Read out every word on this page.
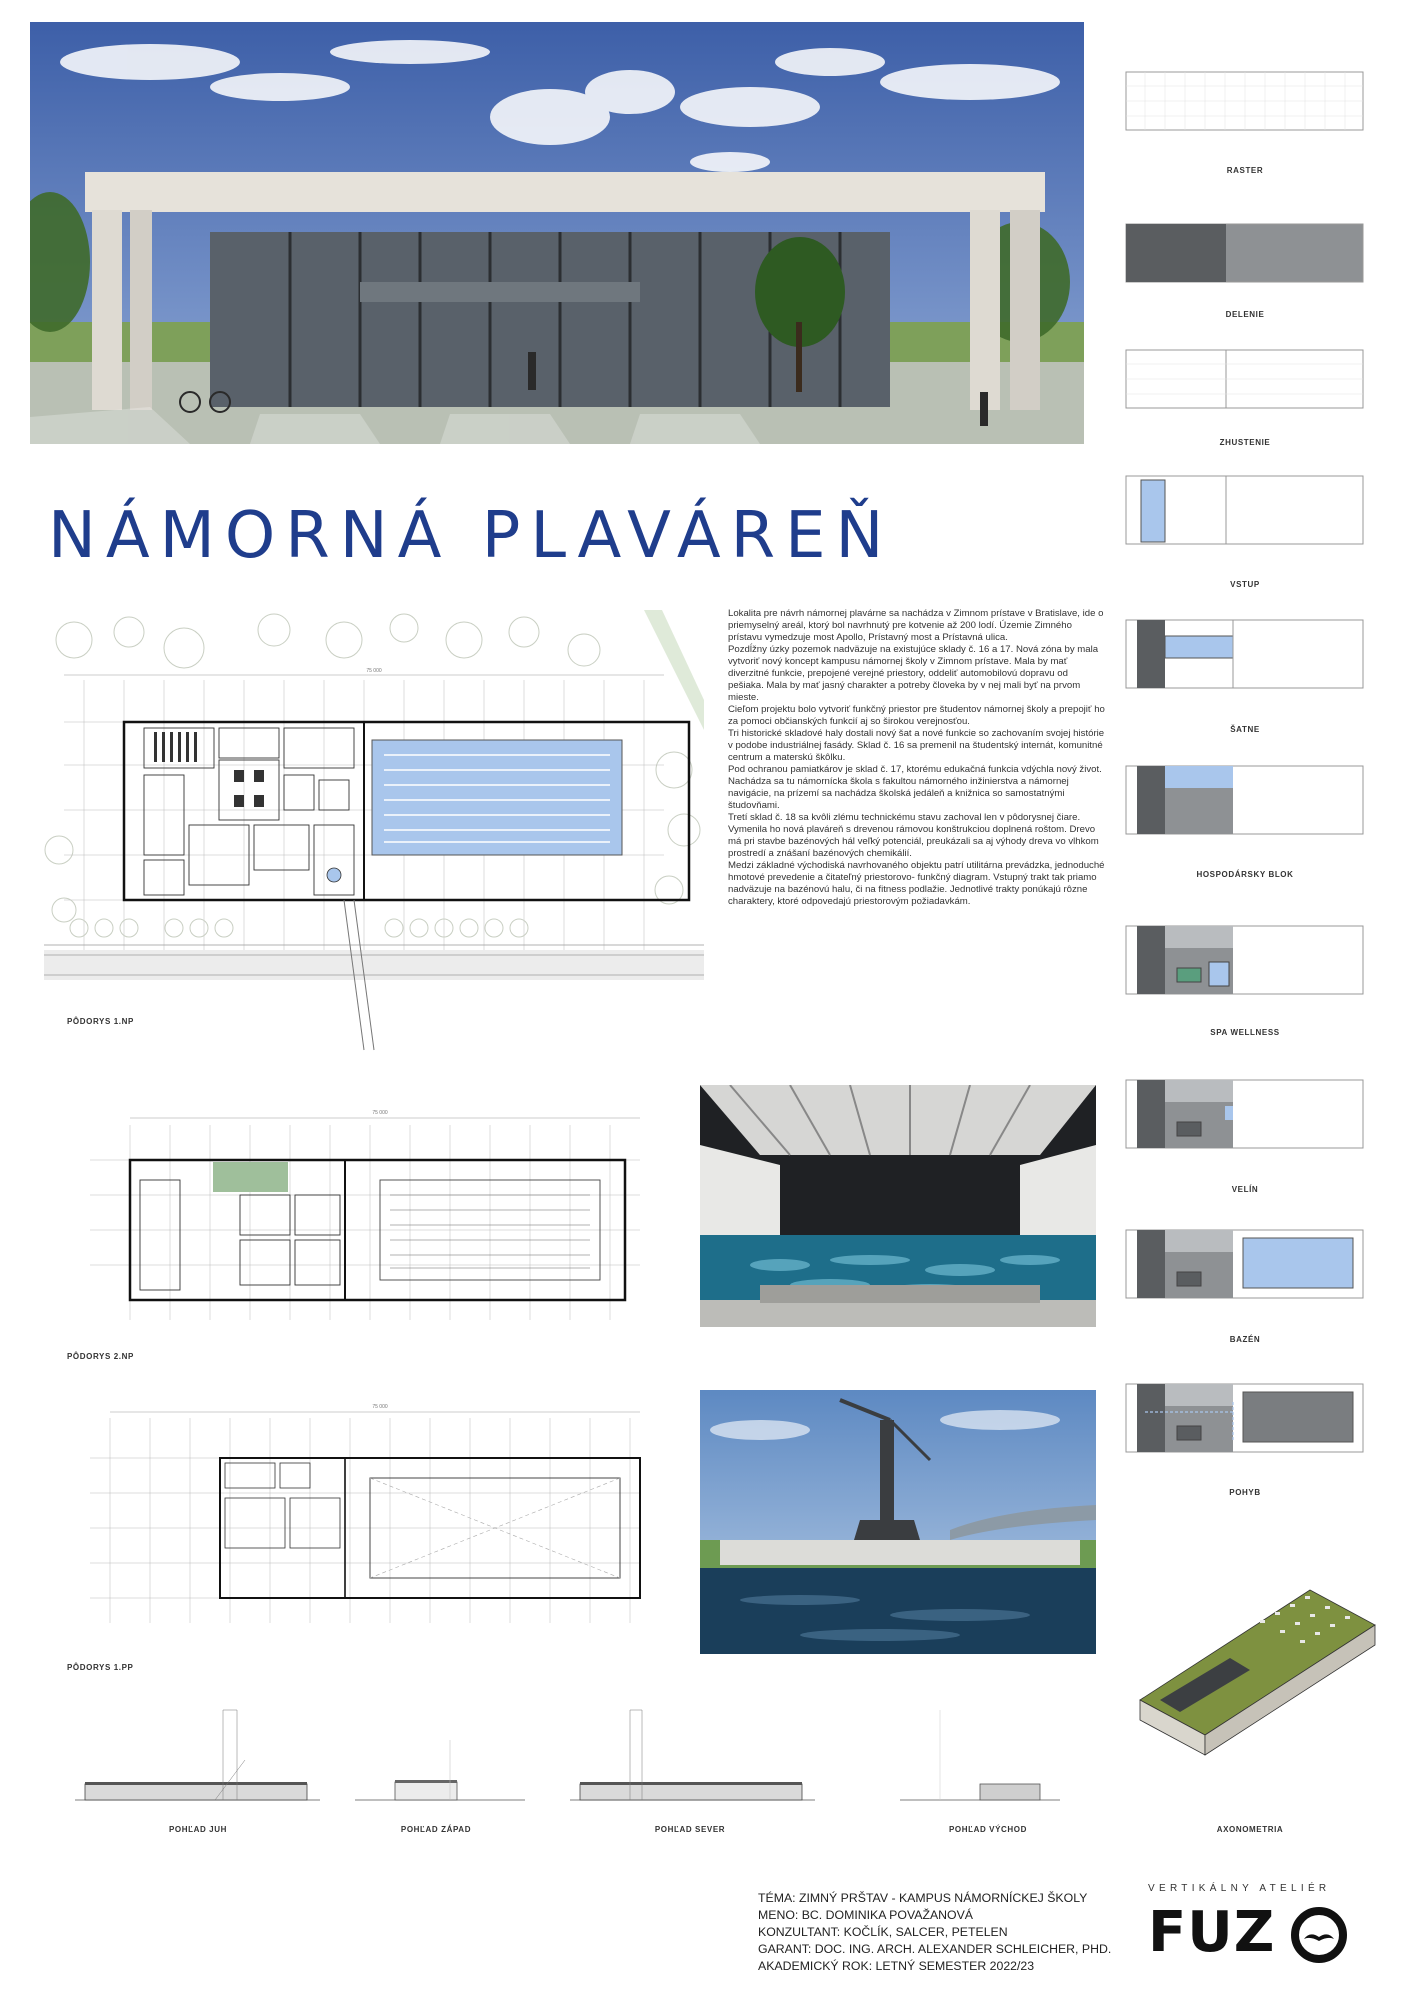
NÁMORNÁ PLAVÁREŇ

Lokalita pre návrh námornej plavárne sa nachádza v Zimnom prístave v Bratislave, ide o priemyselný areál, ktorý bol navrhnutý pre kotvenie až 200 lodí. Územie Zimného prístavu vymedzuje most Apollo, Prístavný most a Prístavná ulica.

Pozdĺžny úzky pozemok nadväzuje na existujúce sklady č. 16 a 17. Nová zóna by mala vytvoriť nový koncept kampusu námornej školy v Zimnom prístave. Mala by mať diverzitné funkcie, prepojené verejné priestory, oddeliť automobilovú dopravu od pešiaka. Mala by mať jasný charakter a potreby človeka by v nej mali byť na prvom mieste.

Cieľom projektu bolo vytvoriť funkčný priestor pre študentov námornej školy a prepojiť ho za pomoci občianských funkcií aj so širokou verejnosťou.

Tri historické skladové haly dostali nový šat a nové funkcie so zachovaním svojej histórie v podobe industriálnej fasády. Sklad č. 16 sa premenil na študentský internát, komunitné centrum a materskú škôlku.

Pod ochranou pamiatkárov je sklad č. 17, ktorému edukačná funkcia vdýchla nový život. Nachádza sa tu námornícka škola s fakultou námorného inžinierstva a námornej navigácie, na prízemí sa nachádza školská jedáleň a knižnica so samostatnými študovňami.

Tretí sklad č. 18 sa kvôli zlému technickému stavu zachoval len v pôdorysnej čiare. Vymenila ho nová plaváreň s drevenou rámovou konštrukciou doplnená roštom. Drevo má pri stavbe bazénových hál veľký potenciál, preukázali sa aj výhody dreva vo vlhkom prostredí a znášaní bazénových chemikálií.

Medzi základné východiská navrhovaného objektu patrí utilitárna prevádzka, jednoduché hmotové prevedenie a čitateľný priestorovo- funkčný diagram. Vstupný trakt tak priamo nadväzuje na bazénovú halu, či na fitness podlažie. Jednotlivé trakty ponúkajú rôzne charaktery, ktoré odpovedajú priestorovým požiadavkám.

75 000
PÔDORYS 1.NP
75 000
PÔDORYS 2.NP
75 000
PÔDORYS 1.PP
RASTER
DELENIE
ZHUSTENIE
VSTUP
ŠATNE
HOSPODÁRSKY BLOK
SPA WELLNESS
VELÍN
BAZÉN
POHYB
AXONOMETRIA
POHĽAD JUH	POHĽAD ZÁPAD	POHĽAD SEVER	POHĽAD VÝCHOD
TÉMA: ZIMNÝ PRŠTAV - KAMPUS NÁMORNÍCKEJ ŠKOLY
MENO: BC. DOMINIKA POVAŽANOVÁ
KONZULTANT: KOČLÍK, SALCER, PETELEN
GARANT: DOC. ING. ARCH. ALEXANDER SCHLEICHER, PHD.
AKADEMICKÝ ROK: LETNÝ SEMESTER 2022/23
VERTIKÁLNY ATELIÉR
FUZ
